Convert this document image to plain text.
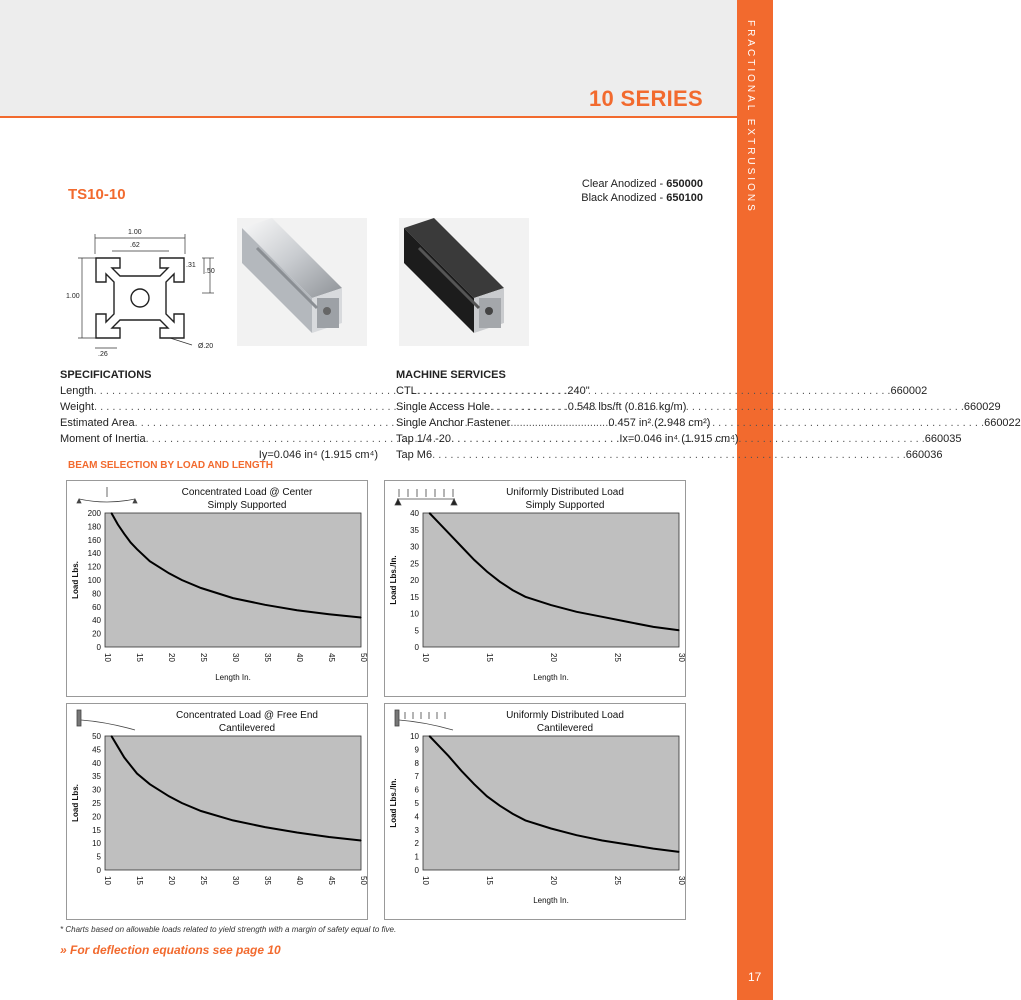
10 SERIES	FRACTIONAL EXTRUSIONS
17
TS10-10
Clear Anodized - 650000
Black Anodized - 650100
1.00
.62
.31
.50
1.00
.26
Ø.20
SPECIFICATIONS
Length . . .	240"
Weight . . .	0.548 lbs/ft (0.816 kg/m)
Estimated Area . . .	0.457 in² (2.948 cm²)
Moment of Inertia . . .	Ix=0.046 in⁴ (1.915 cm⁴)
Iy=0.046 in⁴ (1.915 cm⁴)
MACHINE SERVICES
CTL . . .	660002
Single Access Hole . . .	660029
Single Anchor Fastener . . .	660022
Tap 1/4 -20 . . .	660035
Tap M6 . . .	660036
BEAM SELECTION BY LOAD AND LENGTH
Concentrated Load @ Center
Simply Supported
0
20
40
60
80
100
120
140
160
180
200
10	15	20	25	30	35	40	45	50
Length In.
Load Lbs.
Uniformly Distributed Load
Simply Supported
0
5
10
15
20
25
30
35
40
10	15	20	25	30
Length In.
Load Lbs./In.
Concentrated Load @ Free End
Cantilevered
0
5
10
15
20
25
30
35
40
45
50
10	15	20	25	30	35	40	45	50
Load Lbs.
Uniformly Distributed Load
Cantilevered
0
1
2
3
4
5
6
7
8
9
10
10	15	20	25	30
Length In.
Load Lbs./In.
* Charts based on allowable loads related to yield strength with a margin of safety equal to five.
» For deflection equations see page 10
